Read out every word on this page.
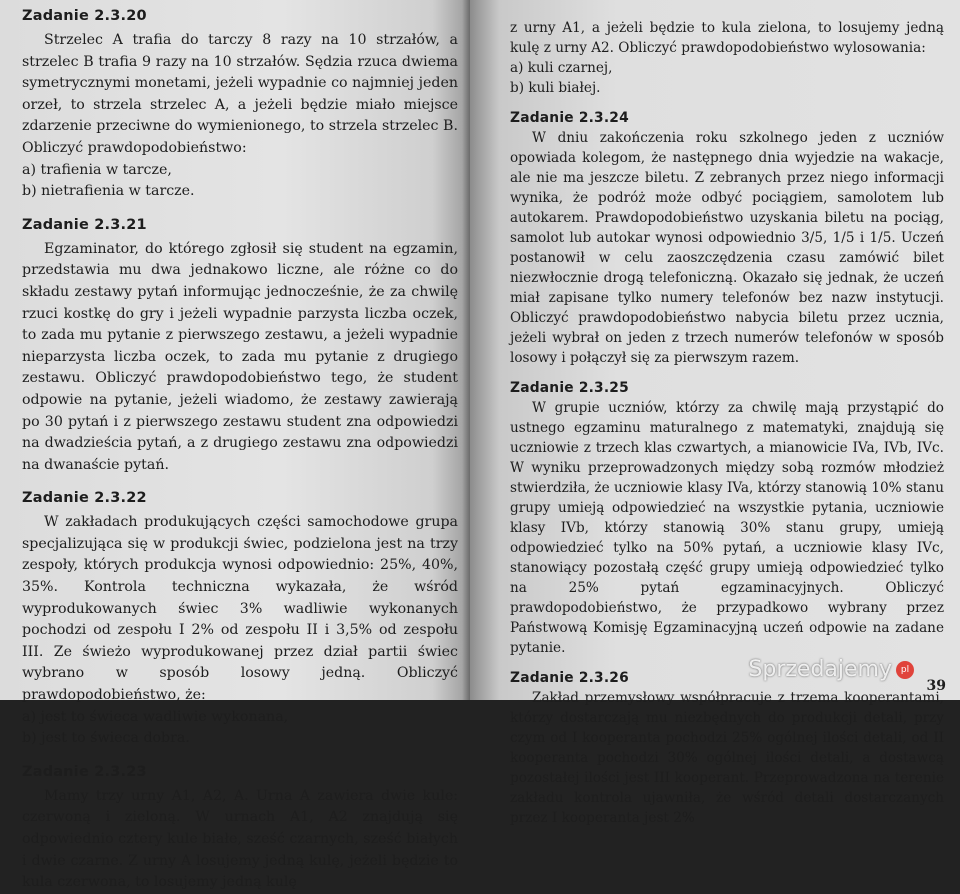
Zadanie 2.3.20

Strzelec A trafia do tarczy 8 razy na 10 strzałów, a strzelec B trafia 9 razy na 10 strzałów. Sędzia rzuca dwiema symetrycznymi monetami, jeżeli wypadnie co najmniej jeden orzeł, to strzela strzelec A, a jeżeli będzie miało miejsce zdarzenie przeciwne do wymienionego, to strzela strzelec B. Obliczyć prawdopodobieństwo:

a) trafienia w tarcze,
b) nietrafienia w tarcze.
Zadanie 2.3.21

Egzaminator, do którego zgłosił się student na egzamin, przedstawia mu dwa jednakowo liczne, ale różne co do składu zestawy pytań informując jednocześnie, że za chwilę rzuci kostkę do gry i jeżeli wypadnie parzysta liczba oczek, to zada mu pytanie z pierwszego zestawu, a jeżeli wypadnie nieparzysta liczba oczek, to zada mu pytanie z drugiego zestawu. Obliczyć prawdopodobieństwo tego, że student odpowie na pytanie, jeżeli wiadomo, że zestawy zawierają po 30 pytań i z pierwszego zestawu student zna odpowiedzi na dwadzieścia pytań, a z drugiego zestawu zna odpowiedzi na dwanaście pytań.

Zadanie 2.3.22

W zakładach produkujących części samochodowe grupa specjalizująca się w produkcji świec, podzielona jest na trzy zespoły, których produkcja wynosi odpowiednio: 25%, 40%, 35%. Kontrola techniczna wykazała, że wśród wyprodukowanych świec 3% wadliwie wykonanych pochodzi od zespołu I 2% od zespołu II i 3,5% od zespołu III. Ze świeżo wyprodukowanej przez dział partii świec wybrano w sposób losowy jedną. Obliczyć prawdopodobieństwo, że:

a) jest to świeca wadliwie wykonana,
b) jest to świeca dobra.
Zadanie 2.3.23

Mamy trzy urny A1, A2, A. Urna A zawiera dwie kule: czerwoną i zieloną. W urnach A1, A2 znajdują się odpowiednio cztery kule białe, sześć czarnych, sześć białych i dwie czarne. Z urny A losujemy jedną kulę, jeżeli będzie to kula czerwona, to losujemy jedną kulę

z urny A1, a jeżeli będzie to kula zielona, to losujemy jedną kulę z urny A2. Obliczyć prawdopodobieństwo wylosowania:

a) kuli czarnej,
b) kuli białej.
Zadanie 2.3.24

W dniu zakończenia roku szkolnego jeden z uczniów opowiada kolegom, że następnego dnia wyjedzie na wakacje, ale nie ma jeszcze biletu. Z zebranych przez niego informacji wynika, że podróż może odbyć pociągiem, samolotem lub autokarem. Prawdopodobieństwo uzyskania biletu na pociąg, samolot lub autokar wynosi odpowiednio 3/5, 1/5 i 1/5. Uczeń postanowił w celu zaoszczędzenia czasu zamówić bilet niezwłocznie drogą telefoniczną. Okazało się jednak, że uczeń miał zapisane tylko numery telefonów bez nazw instytucji. Obliczyć prawdopodobieństwo nabycia biletu przez ucznia, jeżeli wybrał on jeden z trzech numerów telefonów w sposób losowy i połączył się za pierwszym razem.

Zadanie 2.3.25

W grupie uczniów, którzy za chwilę mają przystąpić do ustnego egzaminu maturalnego z matematyki, znajdują się uczniowie z trzech klas czwartych, a mianowicie IVa, IVb, IVc. W wyniku przeprowadzonych między sobą rozmów młodzież stwierdziła, że uczniowie klasy IVa, którzy stanowią 10% stanu grupy umieją odpowiedzieć na wszystkie pytania, uczniowie klasy IVb, którzy stanowią 30% stanu grupy, umieją odpowiedzieć tylko na 50% pytań, a uczniowie klasy IVc, stanowiący pozostałą część grupy umieją odpowiedzieć tylko na 25% pytań egzaminacyjnych. Obliczyć prawdopodobieństwo, że przypadkowo wybrany przez Państwową Komisję Egzaminacyjną uczeń odpowie na zadane pytanie.

Zadanie 2.3.26

Zakład przemysłowy współpracuje z trzema kooperantami, którzy dostarczają mu niezbędnych do produkcji detali, przy czym od I kooperanta pochodzi 25% ogólnej ilości detali, od II kooperanta pochodzi 30% ogólnej ilości detali, a dostawcą pozostałej ilości jest III kooperant. Przeprowadzona na terenie zakładu kontrola ujawniła, że wśród detali dostarczanych przez I kooperanta jest 2%

Sprzedajemy pl
39
